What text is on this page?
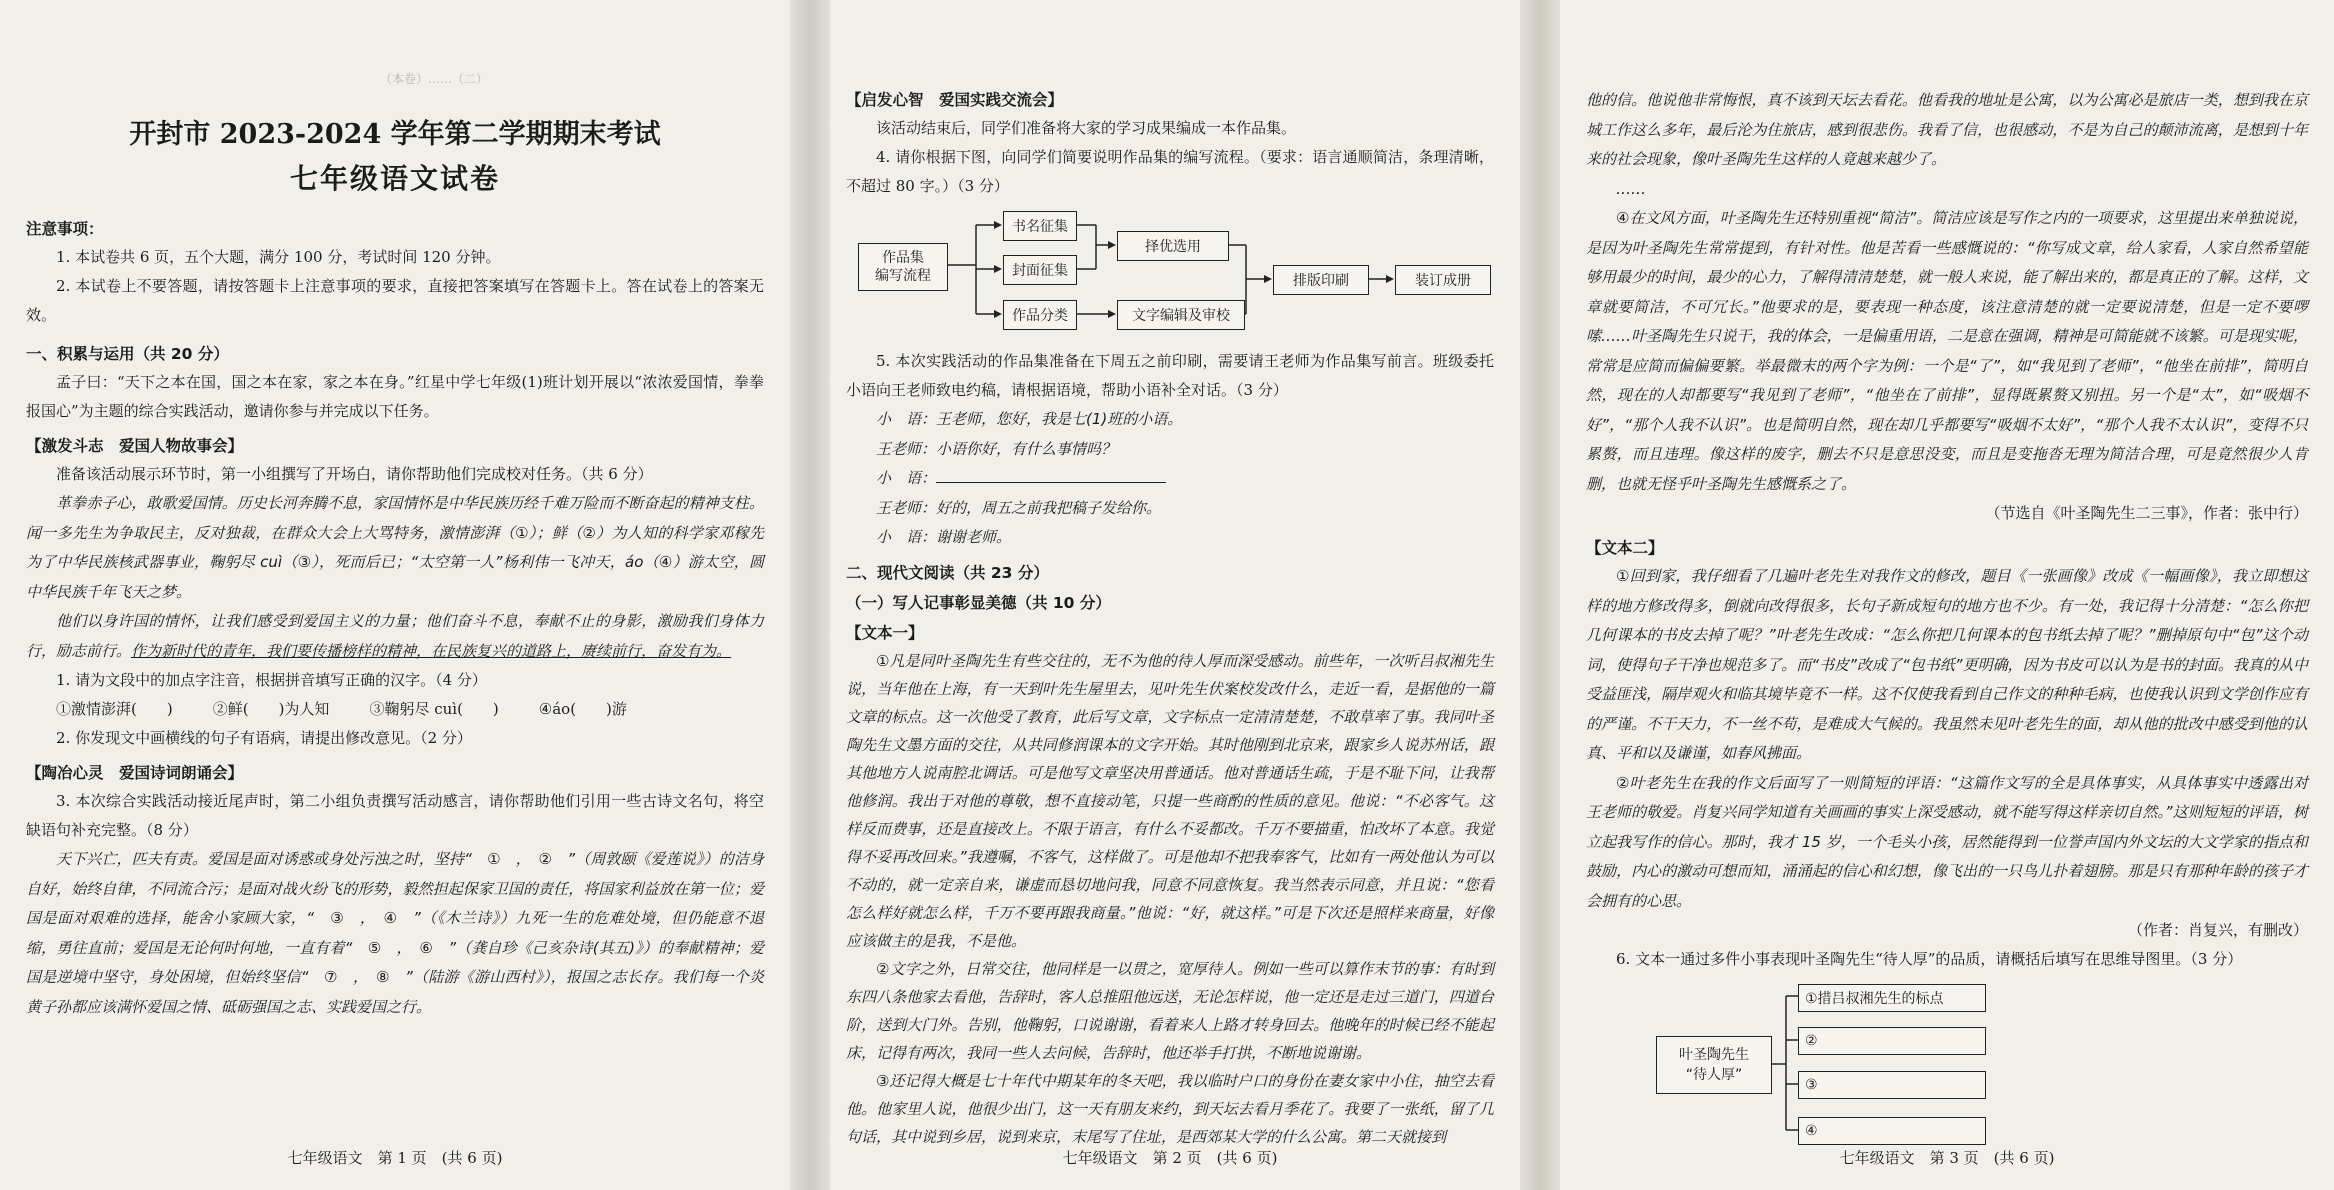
（本卷）……（二）
开封市 2023-2024 学年第二学期期末考试
七年级语文试卷
注意事项：

1. 本试卷共 6 页，五个大题，满分 100 分，考试时间 120 分钟。

2. 本试卷上不要答题，请按答题卡上注意事项的要求，直接把答案填写在答题卡上。答在试卷上的答案无效。

一、积累与运用（共 20 分）

孟子曰：“天下之本在国，国之本在家，家之本在身。”红星中学七年级(1)班计划开展以“浓浓爱国情，拳拳报国心”为主题的综合实践活动，邀请你参与并完成以下任务。

【激发斗志　爱国人物故事会】

准备该活动展示环节时，第一小组撰写了开场白，请你帮助他们完成校对任务。（共 6 分）

革拳赤子心，敢歌爱国情。历史长河奔腾不息，家国情怀是中华民族历经千难万险而不断奋起的精神支柱。闻一多先生为争取民主，反对独裁，在群众大会上大骂特务，激情澎湃（①）；鲜（②）为人知的科学家邓稼先为了中华民族核武器事业，鞠躬尽 cuì（③），死而后已；“太空第一人”杨利伟一飞冲天，áo（④）游太空，圆中华民族千年飞天之梦。

他们以身许国的情怀，让我们感受到爱国主义的力量；他们奋斗不息，奉献不止的身影，激励我们身体力行，励志前行。作为新时代的青年，我们要传播榜样的精神，在民族复兴的道路上，赓续前行，奋发有为。

1. 请为文段中的加点字注音，根据拼音填写正确的汉字。（4 分）

①激情澎湃(　　)	②鲜(　　)为人知	③鞠躬尽 cuì(　　)	④áo(　　)游

2. 你发现文中画横线的句子有语病，请提出修改意见。（2 分）

【陶冶心灵　爱国诗词朗诵会】

3. 本次综合实践活动接近尾声时，第二小组负责撰写活动感言，请你帮助他们引用一些古诗文名句，将空缺语句补充完整。（8 分）

天下兴亡，匹夫有责。爱国是面对诱惑或身处污浊之时，坚持“　①　，　②　”（周敦颐《爱莲说》）的洁身自好，始终自律，不同流合污；是面对战火纷飞的形势，毅然担起保家卫国的责任，将国家利益放在第一位；爱国是面对艰难的选择，能舍小家顾大家，“　③　，　④　”（《木兰诗》）九死一生的危难处境，但仍能意不退缩，勇往直前；爱国是无论何时何地，一直有着“　⑤　，　⑥　”（龚自珍《己亥杂诗(其五)》）的奉献精神；爱国是逆境中坚守，身处困境，但始终坚信“　⑦　，　⑧　”（陆游《游山西村》），报国之志长存。我们每一个炎黄子孙都应该满怀爱国之情、砥砺强国之志、实践爱国之行。

七年级语文　第 1 页　(共 6 页)
【启发心智　爱国实践交流会】

该活动结束后，同学们准备将大家的学习成果编成一本作品集。

4. 请你根据下图，向同学们简要说明作品集的编写流程。（要求：语言通顺简洁，条理清晰，不超过 80 字。）（3 分）

作品集
编写流程
书名征集
封面征集
作品分类
择优选用
文字编辑及审校
排版印刷	装订成册

5. 本次实践活动的作品集准备在下周五之前印刷，需要请王老师为作品集写前言。班级委托小语向王老师致电约稿，请根据语境，帮助小语补全对话。（3 分）

小　语：王老师，您好，我是七(1)班的小语。

王老师：小语你好，有什么事情吗？

小　语：

王老师：好的，周五之前我把稿子发给你。

小　语：谢谢老师。

二、现代文阅读（共 23 分）
（一）写人记事彰显美德（共 10 分）
【文本一】

①凡是同叶圣陶先生有些交往的，无不为他的待人厚而深受感动。前些年，一次听吕叔湘先生说，当年他在上海，有一天到叶先生屋里去，见叶先生伏案校发改什么，走近一看，是据他的一篇文章的标点。这一次他受了教育，此后写文章，文字标点一定清清楚楚，不敢草率了事。我同叶圣陶先生文墨方面的交往，从共同修润课本的文字开始。其时他刚到北京来，跟家乡人说苏州话，跟其他地方人说南腔北调话。可是他写文章坚决用普通话。他对普通话生疏，于是不耻下问，让我帮他修润。我出于对他的尊敬，想不直接动笔，只提一些商酌的性质的意见。他说：“不必客气。这样反而费事，还是直接改上。不限于语言，有什么不妥都改。千万不要描重，怕改坏了本意。我觉得不妥再改回来。”我遵嘱，不客气，这样做了。可是他却不把我奉客气，比如有一两处他认为可以不动的，就一定亲自来，谦虚而恳切地问我，同意不同意恢复。我当然表示同意，并且说：“您看怎么样好就怎么样，千万不要再跟我商量。”他说：“好，就这样。”可是下次还是照样来商量，好像应该做主的是我，不是他。

②文字之外，日常交往，他同样是一以贯之，宽厚待人。例如一些可以算作末节的事：有时到东四八条他家去看他，告辞时，客人总推阻他远送，无论怎样说，他一定还是走过三道门，四道台阶，送到大门外。告别，他鞠躬，口说谢谢，看着来人上路才转身回去。他晚年的时候已经不能起床，记得有两次，我同一些人去问候，告辞时，他还举手打拱，不断地说谢谢。

③还记得大概是七十年代中期某年的冬天吧，我以临时户口的身份在妻女家中小住，抽空去看他。他家里人说，他很少出门，这一天有朋友来约，到天坛去看月季花了。我要了一张纸，留了几句话，其中说到乡居，说到来京，末尾写了住址，是西郊某大学的什么公寓。第二天就接到

七年级语文　第 2 页　(共 6 页)

他的信。他说他非常悔恨，真不该到天坛去看花。他看我的地址是公寓，以为公寓必是旅店一类，想到我在京城工作这么多年，最后沦为住旅店，感到很悲伤。我看了信，也很感动，不是为自己的颠沛流离，是想到十年来的社会现象，像叶圣陶先生这样的人竟越来越少了。

……

④在文风方面，叶圣陶先生还特别重视“简洁”。简洁应该是写作之内的一项要求，这里提出来单独说说，是因为叶圣陶先生常常提到，有针对性。他是苦看一些感慨说的：“你写成文章，给人家看，人家自然希望能够用最少的时间，最少的心力，了解得清清楚楚，就一般人来说，能了解出来的，都是真正的了解。这样，文章就要简洁，不可冗长。”他要求的是，要表现一种态度，该注意清楚的就一定要说清楚，但是一定不要啰嗦……叶圣陶先生只说干，我的体会，一是偏重用语，二是意在强调，精神是可简能就不该繁。可是现实呢，常常是应简而偏偏要繁。举最微末的两个字为例：一个是“了”，如“我见到了老师”，“他坐在前排”，简明自然，现在的人却都要写“我见到了老师”，“他坐在了前排”，显得既累赘又别扭。另一个是“太”，如“吸烟不好”，“那个人我不认识”。也是简明自然，现在却几乎都要写“吸烟不太好”，“那个人我不太认识”，变得不只累赘，而且违理。像这样的废字，删去不只是意思没变，而且是变拖沓无理为简洁合理，可是竟然很少人肯删，也就无怪乎叶圣陶先生感慨系之了。

（节选自《叶圣陶先生二三事》，作者：张中行）

【文本二】

①回到家，我仔细看了几遍叶老先生对我作文的修改，题目《一张画像》改成《一幅画像》，我立即想这样的地方修改得多，倒就向改得很多，长句子新成短句的地方也不少。有一处，我记得十分清楚：“怎么你把几何课本的书皮去掉了呢？”叶老先生改成：“怎么你把几何课本的包书纸去掉了呢？”删掉原句中“包”这个动词，使得句子干净也规范多了。而“书皮”改成了“包书纸”更明确，因为书皮可以认为是书的封面。我真的从中受益匪浅，隔岸观火和临其境毕竟不一样。这不仅使我看到自己作文的种种毛病，也使我认识到文学创作应有的严谨。不干天力，不一丝不苟，是难成大气候的。我虽然未见叶老先生的面，却从他的批改中感受到他的认真、平和以及谦谨，如春风拂面。

②叶老先生在我的作文后面写了一则简短的评语：“这篇作文写的全是具体事实，从具体事实中透露出对王老师的敬爱。肖复兴同学知道有关画画的事实上深受感动，就不能写得这样亲切自然。”这则短短的评语，树立起我写作的信心。那时，我才 15 岁，一个毛头小孩，居然能得到一位誉声国内外文坛的大文学家的指点和鼓励，内心的激动可想而知，涌涌起的信心和幻想，像飞出的一只鸟儿扑着翅膀。那是只有那种年龄的孩子才会拥有的心思。

（作者：肖复兴，有删改）

6. 文本一通过多件小事表现叶圣陶先生“待人厚”的品质，请概括后填写在思维导图里。（3 分）

叶圣陶先生
“待人厚”
①措吕叔湘先生的标点
②
③
④
七年级语文　第 3 页　(共 6 页)
